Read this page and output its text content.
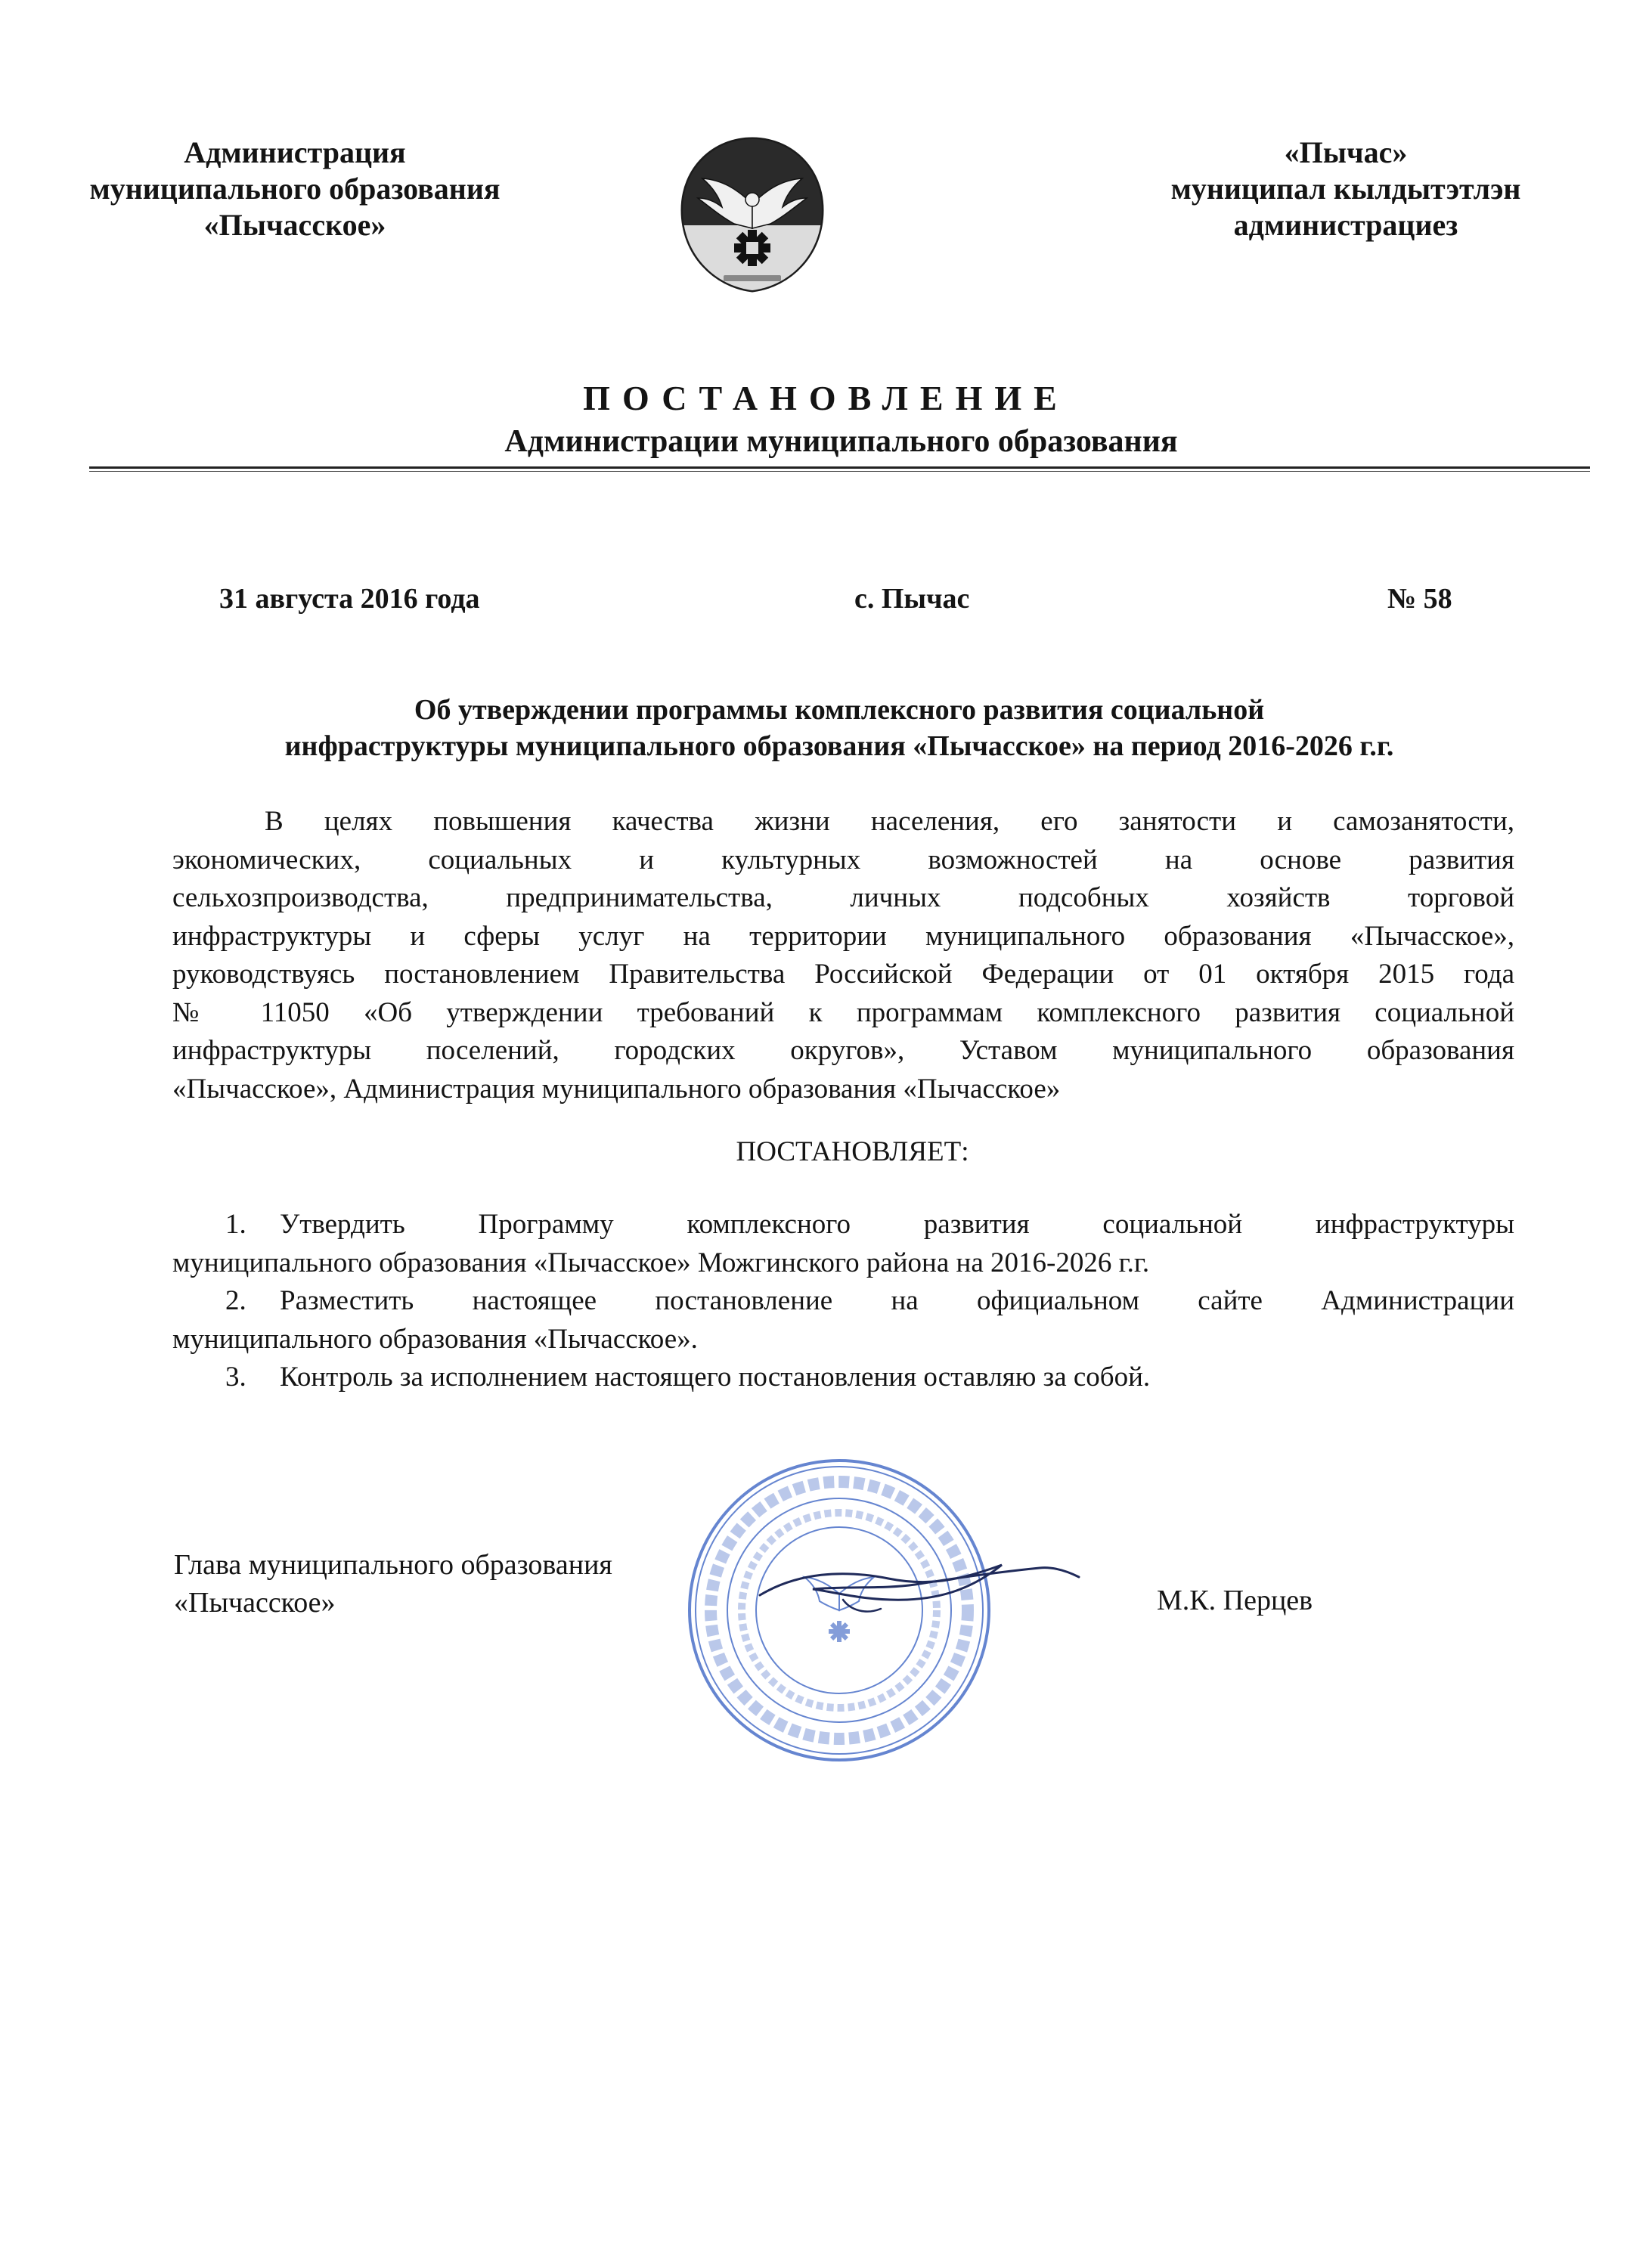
Администрация
муниципального образования
«Пычасское»
«Пычас»
муниципал кылдытэтлэн
администрациез
ПОСТАНОВЛЕНИЕ
Администрации муниципального образования
31 августа 2016 года	с. Пычас	№ 58
Об утверждении программы комплексного развития социальной
инфраструктуры муниципального образования «Пычасское» на период 2016-2026 г.г.
В целях повышения качества жизни населения, его занятости и самозанятости,
экономических, социальных и культурных возможностей на основе развития
сельхозпроизводства, предпринимательства, личных подсобных хозяйств торговой
инфраструктуры и сферы услуг на территории муниципального образования «Пычасское»,
руководствуясь постановлением Правительства Российской Федерации от 01 октября 2015 года
№ 11050 «Об утверждении требований к программам комплексного развития социальной
инфраструктуры поселений, городских округов», Уставом муниципального образования
«Пычасское», Администрация муниципального образования «Пычасское»
ПОСТАНОВЛЯЕТ:
1. Утвердить Программу комплексного развития социальной инфраструктуры
муниципального образования «Пычасское» Можгинского района на 2016-2026 г.г.
2. Разместить настоящее постановление на официальном сайте Администрации
муниципального образования «Пычасское».
3. Контроль за исполнением настоящего постановления оставляю за собой.
Глава муниципального образования
«Пычасское»	М.К. Перцев
